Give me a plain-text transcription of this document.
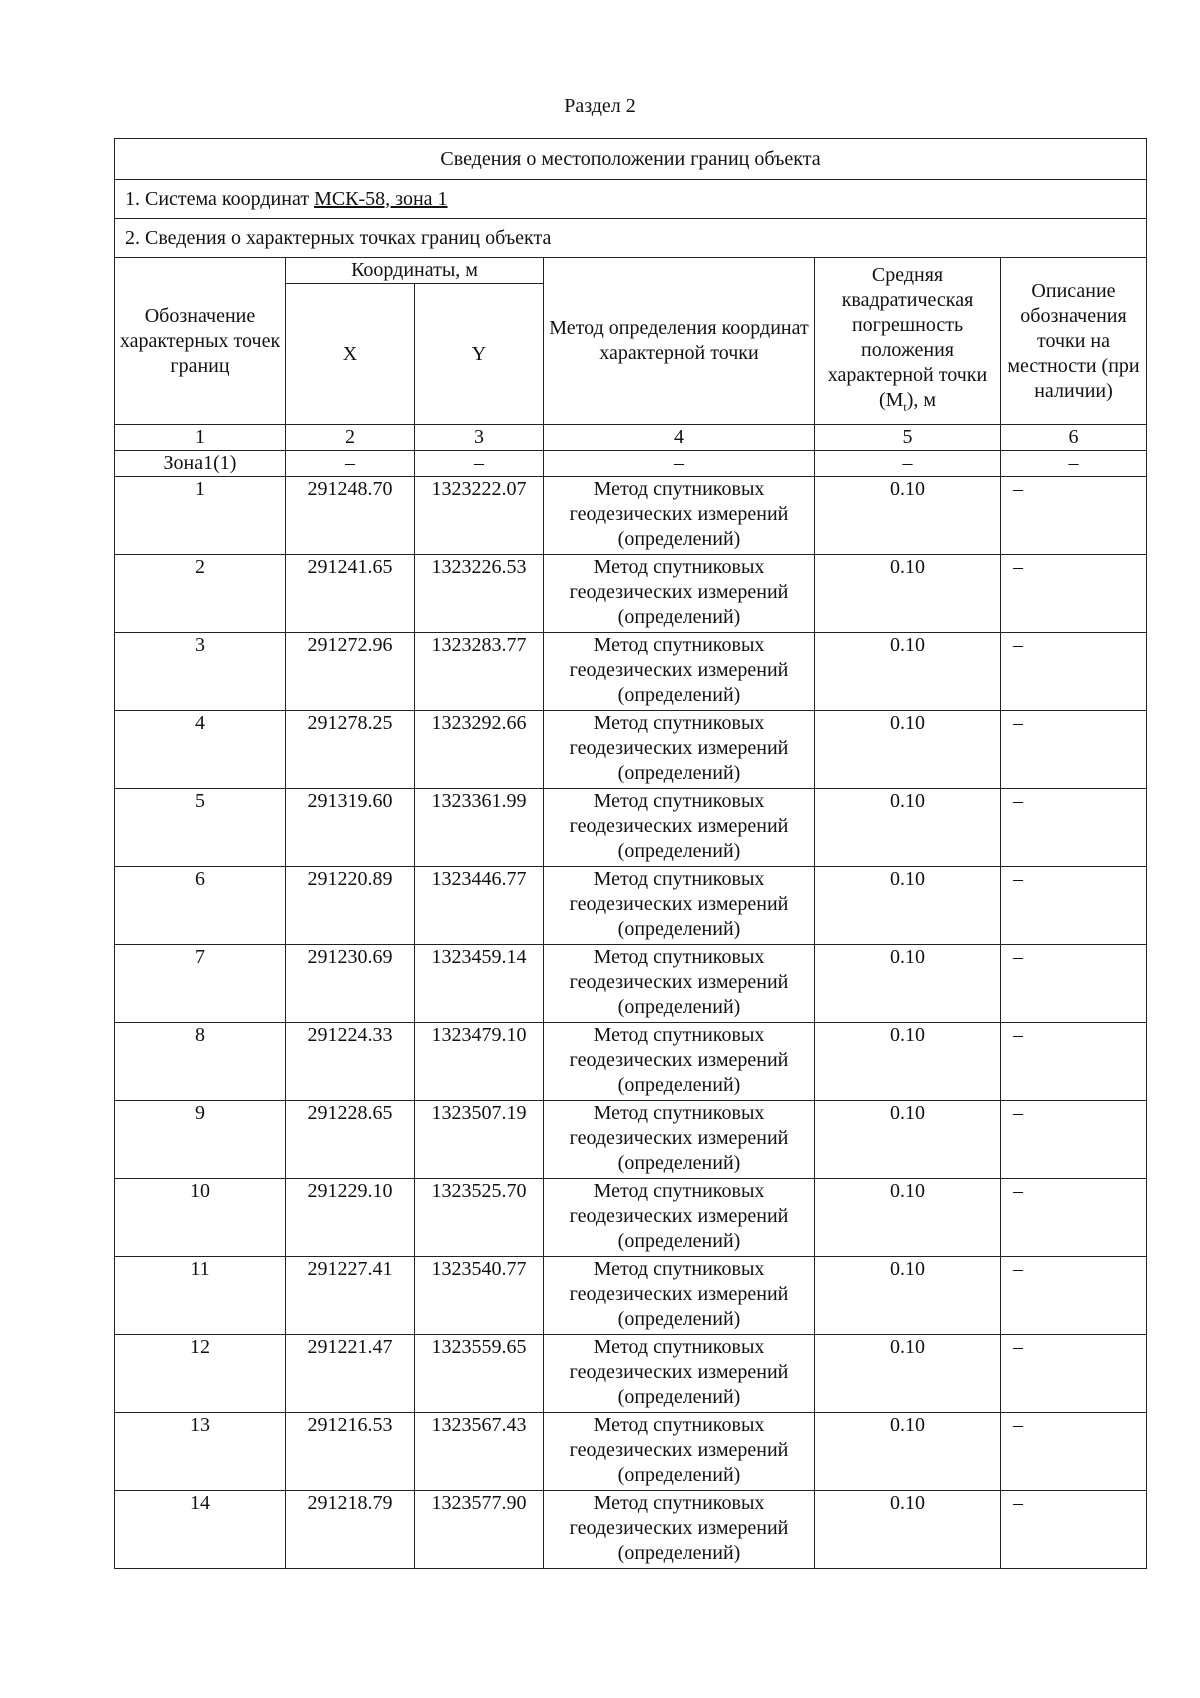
Раздел 2
Сведения о местоположении границ объекта					
1. Система координат МСК-58, зона 1					
2. Сведения о характерных точках границ объекта					
Обозначение характерных точек границ	Координаты, м		Метод определения координат характерной точки	Средняя квадратическая погрешность положения характерной точки $(M_t)$, м	Описание обозначения точки на местности (при наличии)
	X	Y			
1	2	3	4	5	6
Зона1(1)	–	–	–	–	–
1	291248.70	1323222.07	Метод спутниковых геодезических измерений (определений)	0.10	–
2	291241.65	1323226.53	Метод спутниковых геодезических измерений (определений)	0.10	–
3	291272.96	1323283.77	Метод спутниковых геодезических измерений (определений)	0.10	–
4	291278.25	1323292.66	Метод спутниковых геодезических измерений (определений)	0.10	–
5	291319.60	1323361.99	Метод спутниковых геодезических измерений (определений)	0.10	–
6	291220.89	1323446.77	Метод спутниковых геодезических измерений (определений)	0.10	–
7	291230.69	1323459.14	Метод спутниковых геодезических измерений (определений)	0.10	–
8	291224.33	1323479.10	Метод спутниковых геодезических измерений (определений)	0.10	–
9	291228.65	1323507.19	Метод спутниковых геодезических измерений (определений)	0.10	–
10	291229.10	1323525.70	Метод спутниковых геодезических измерений (определений)	0.10	–
11	291227.41	1323540.77	Метод спутниковых геодезических измерений (определений)	0.10	–
12	291221.47	1323559.65	Метод спутниковых геодезических измерений (определений)	0.10	–
13	291216.53	1323567.43	Метод спутниковых геодезических измерений (определений)	0.10	–
14	291218.79	1323577.90	Метод спутниковых геодезических измерений (определений)	0.10	–
